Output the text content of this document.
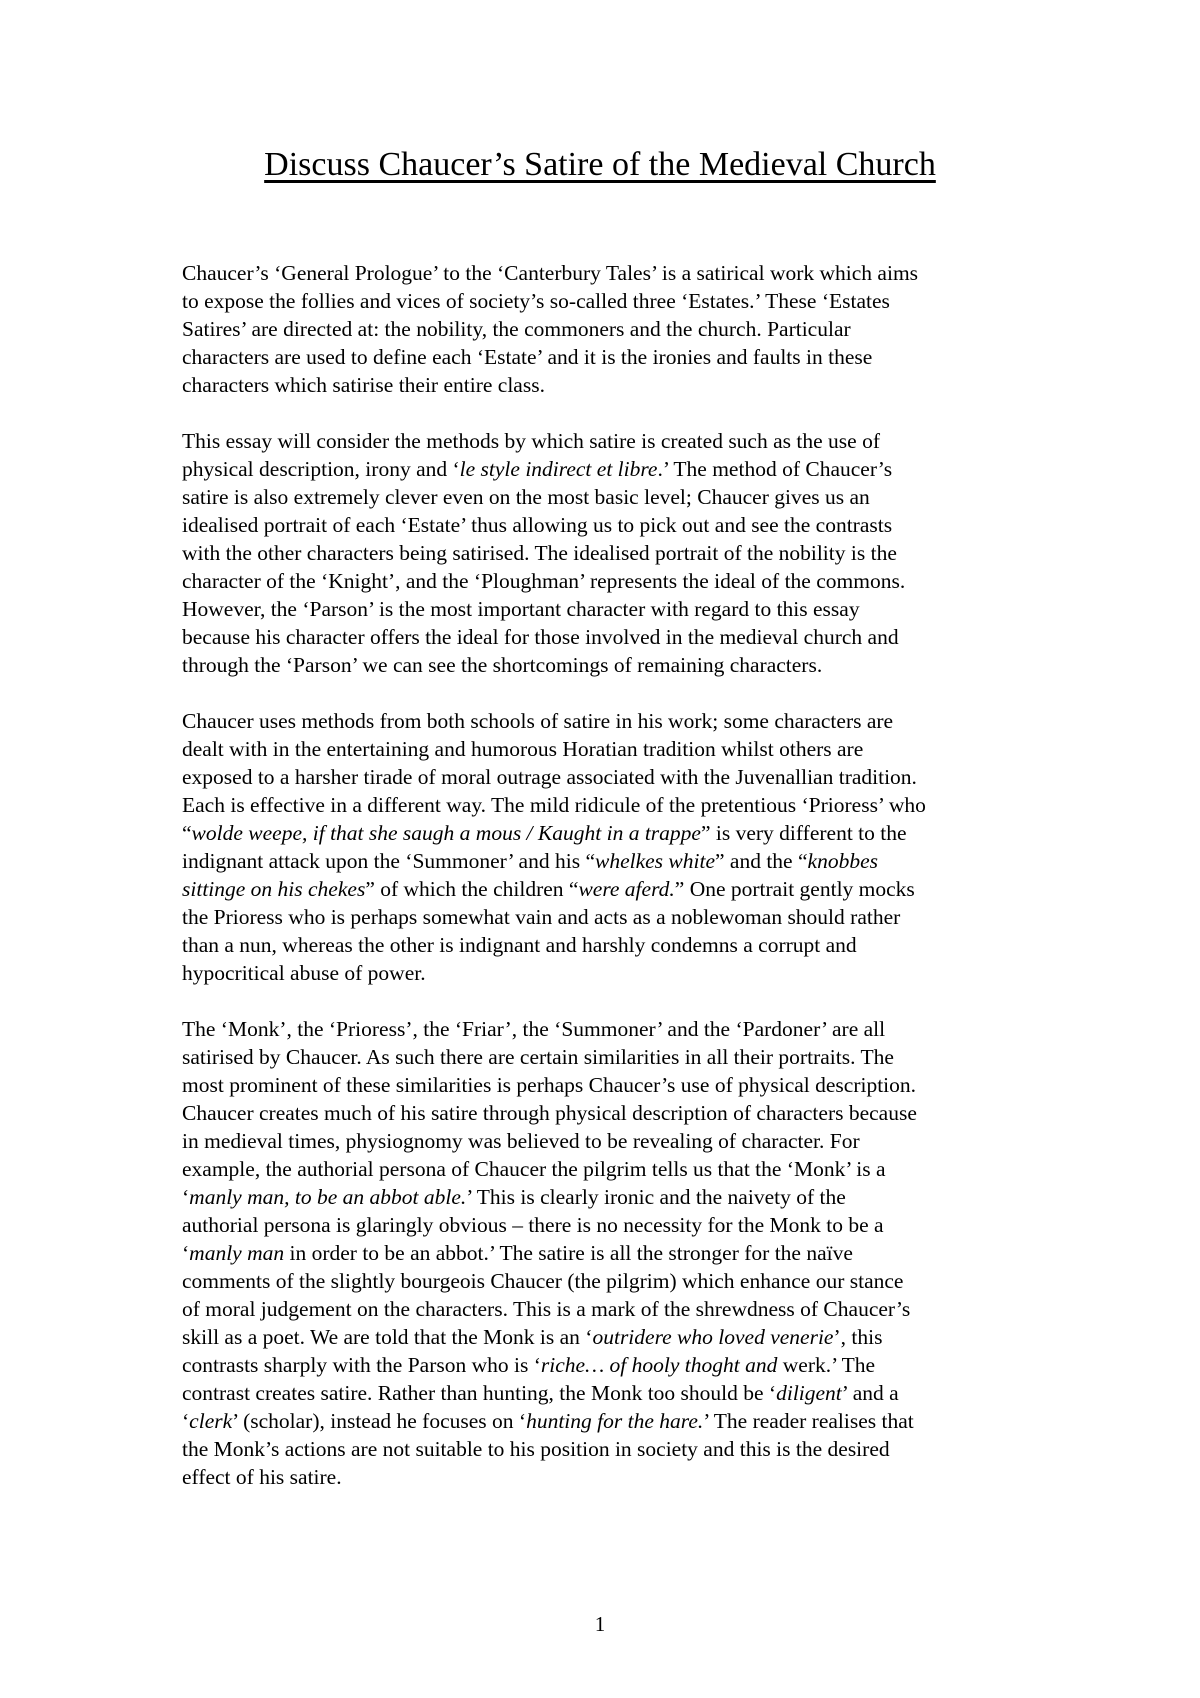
Discuss Chaucer’s Satire of the Medieval Church
Chaucer’s ‘General Prologue’ to the ‘Canterbury Tales’ is a satirical work which aims
to expose the follies and vices of society’s so-called three ‘Estates.’ These ‘Estates
Satires’ are directed at: the nobility, the commoners and the church. Particular
characters are used to define each ‘Estate’ and it is the ironies and faults in these
characters which satirise their entire class.
This essay will consider the methods by which satire is created such as the use of
physical description, irony and ‘le style indirect et libre.’ The method of Chaucer’s
satire is also extremely clever even on the most basic level; Chaucer gives us an
idealised portrait of each ‘Estate’ thus allowing us to pick out and see the contrasts
with the other characters being satirised. The idealised portrait of the nobility is the
character of the ‘Knight’, and the ‘Ploughman’ represents the ideal of the commons.
However, the ‘Parson’ is the most important character with regard to this essay
because his character offers the ideal for those involved in the medieval church and
through the ‘Parson’ we can see the shortcomings of remaining characters.
Chaucer uses methods from both schools of satire in his work; some characters are
dealt with in the entertaining and humorous Horatian tradition whilst others are
exposed to a harsher tirade of moral outrage associated with the Juvenallian tradition.
Each is effective in a different way. The mild ridicule of the pretentious ‘Prioress’ who
“wolde weepe, if that she saugh a mous / Kaught in a trappe” is very different to the
indignant attack upon the ‘Summoner’ and his “whelkes white” and the “knobbes
sittinge on his chekes” of which the children “were aferd.” One portrait gently mocks
the Prioress who is perhaps somewhat vain and acts as a noblewoman should rather
than a nun, whereas the other is indignant and harshly condemns a corrupt and
hypocritical abuse of power.
The ‘Monk’, the ‘Prioress’, the ‘Friar’, the ‘Summoner’ and the ‘Pardoner’ are all
satirised by Chaucer. As such there are certain similarities in all their portraits. The
most prominent of these similarities is perhaps Chaucer’s use of physical description.
Chaucer creates much of his satire through physical description of characters because
in medieval times, physiognomy was believed to be revealing of character. For
example, the authorial persona of Chaucer the pilgrim tells us that the ‘Monk’ is a
‘manly man, to be an abbot able.’ This is clearly ironic and the naivety of the
authorial persona is glaringly obvious – there is no necessity for the Monk to be a
‘manly man in order to be an abbot.’ The satire is all the stronger for the naïve
comments of the slightly bourgeois Chaucer (the pilgrim) which enhance our stance
of moral judgement on the characters. This is a mark of the shrewdness of Chaucer’s
skill as a poet. We are told that the Monk is an ‘outridere who loved venerie’, this
contrasts sharply with the Parson who is ‘riche… of hooly thoght and werk.’ The
contrast creates satire. Rather than hunting, the Monk too should be ‘diligent’ and a
‘clerk’ (scholar), instead he focuses on ‘hunting for the hare.’ The reader realises that
the Monk’s actions are not suitable to his position in society and this is the desired
effect of his satire.
1
